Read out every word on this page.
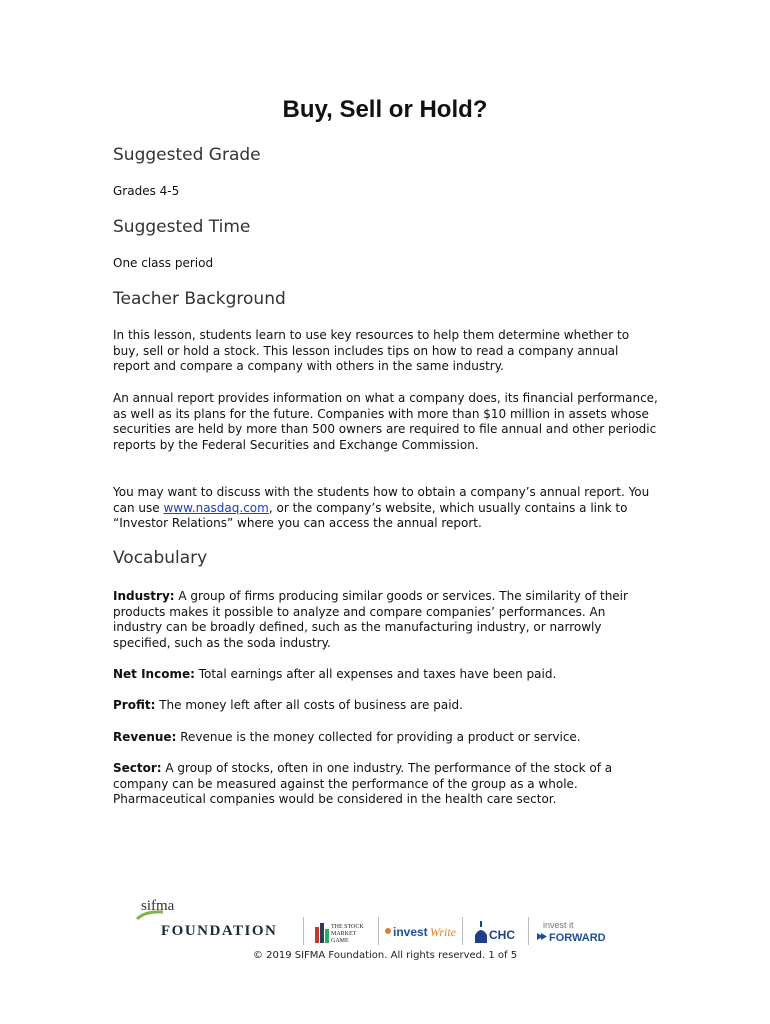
Buy, Sell or Hold?
Suggested Grade
Grades 4-5
Suggested Time
One class period
Teacher Background
In this lesson, students learn to use key resources to help them determine whether to buy, sell or hold a stock. This lesson includes tips on how to read a company annual report and compare a company with others in the same industry.
An annual report provides information on what a company does, its financial performance, as well as its plans for the future. Companies with more than $10 million in assets whose securities are held by more than 500 owners are required to file annual and other periodic reports by the Federal Securities and Exchange Commission.
You may want to discuss with the students how to obtain a company’s annual report. You can use www.nasdaq.com, or the company’s website, which usually contains a link to “Investor Relations” where you can access the annual report.
Vocabulary
Industry: A group of firms producing similar goods or services. The similarity of their products makes it possible to analyze and compare companies’ performances. An industry can be broadly defined, such as the manufacturing industry, or narrowly specified, such as the soda industry.
Net Income: Total earnings after all expenses and taxes have been paid.
Profit: The money left after all costs of business are paid.
Revenue: Revenue is the money collected for providing a product or service.
Sector: A group of stocks, often in one industry. The performance of the stock of a company can be measured against the performance of the group as a whole. Pharmaceutical companies would be considered in the health care sector.
sifma
FOUNDATION	THE STOCK
MARKET
GAME
invest Write	CHC
invest it
FORWARD
© 2019 SIFMA Foundation. All rights reserved. 1 of 5
